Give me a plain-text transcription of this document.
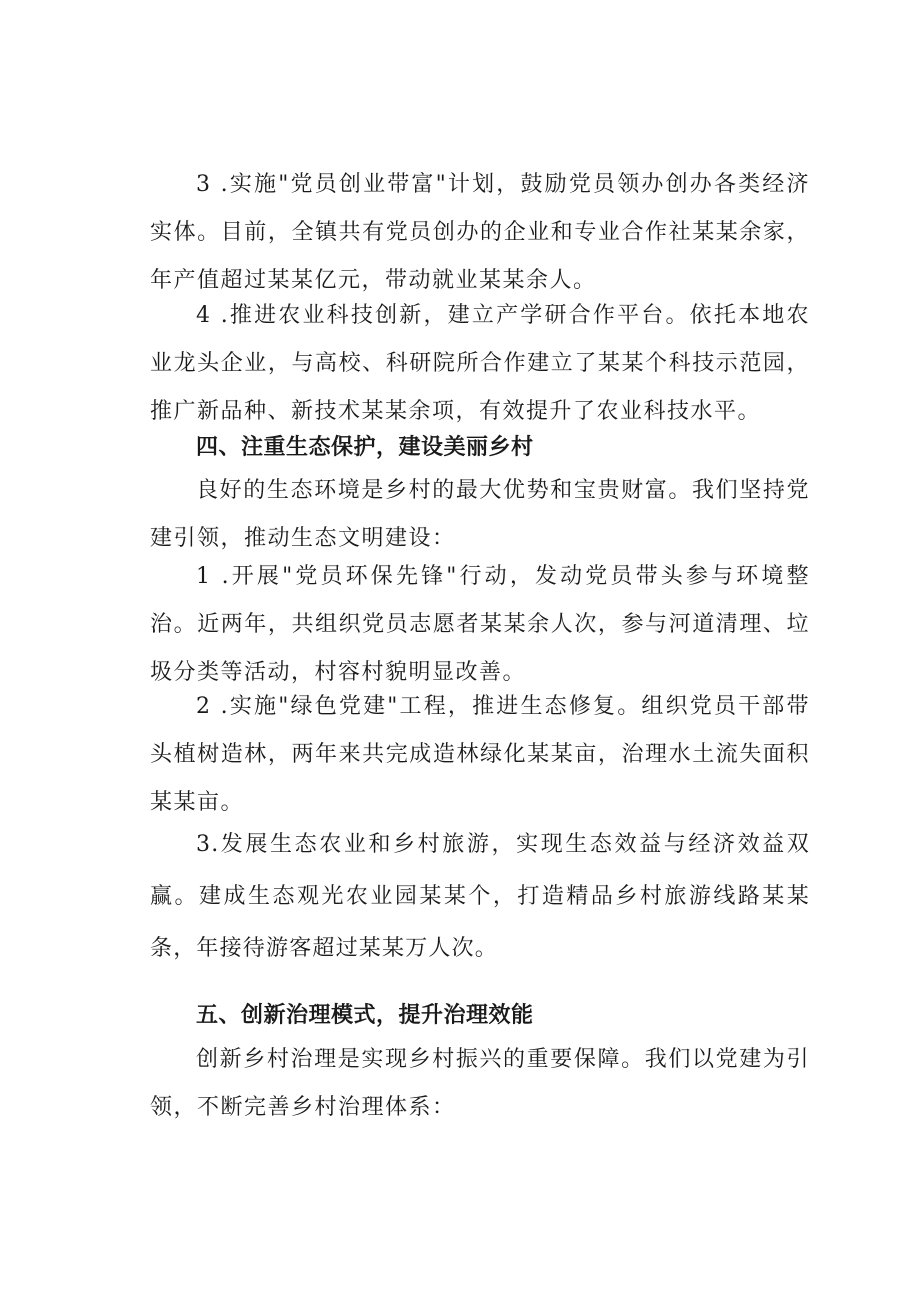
3 .实施"党员创业带富"计划，鼓励党员领办创办各类经济实体。目前，全镇共有党员创办的企业和专业合作社某某余家，年产值超过某某亿元，带动就业某某余人。

4 .推进农业科技创新，建立产学研合作平台。依托本地农业龙头企业，与高校、科研院所合作建立了某某个科技示范园，推广新品种、新技术某某余项，有效提升了农业科技水平。

四、注重生态保护，建设美丽乡村

良好的生态环境是乡村的最大优势和宝贵财富。我们坚持党建引领，推动生态文明建设：

1 .开展"党员环保先锋"行动，发动党员带头参与环境整治。近两年，共组织党员志愿者某某余人次，参与河道清理、垃圾分类等活动，村容村貌明显改善。

2 .实施"绿色党建"工程，推进生态修复。组织党员干部带头植树造林，两年来共完成造林绿化某某亩，治理水土流失面积某某亩。

3.发展生态农业和乡村旅游，实现生态效益与经济效益双赢。建成生态观光农业园某某个，打造精品乡村旅游线路某某条，年接待游客超过某某万人次。

五、创新治理模式，提升治理效能

创新乡村治理是实现乡村振兴的重要保障。我们以党建为引领，不断完善乡村治理体系：
